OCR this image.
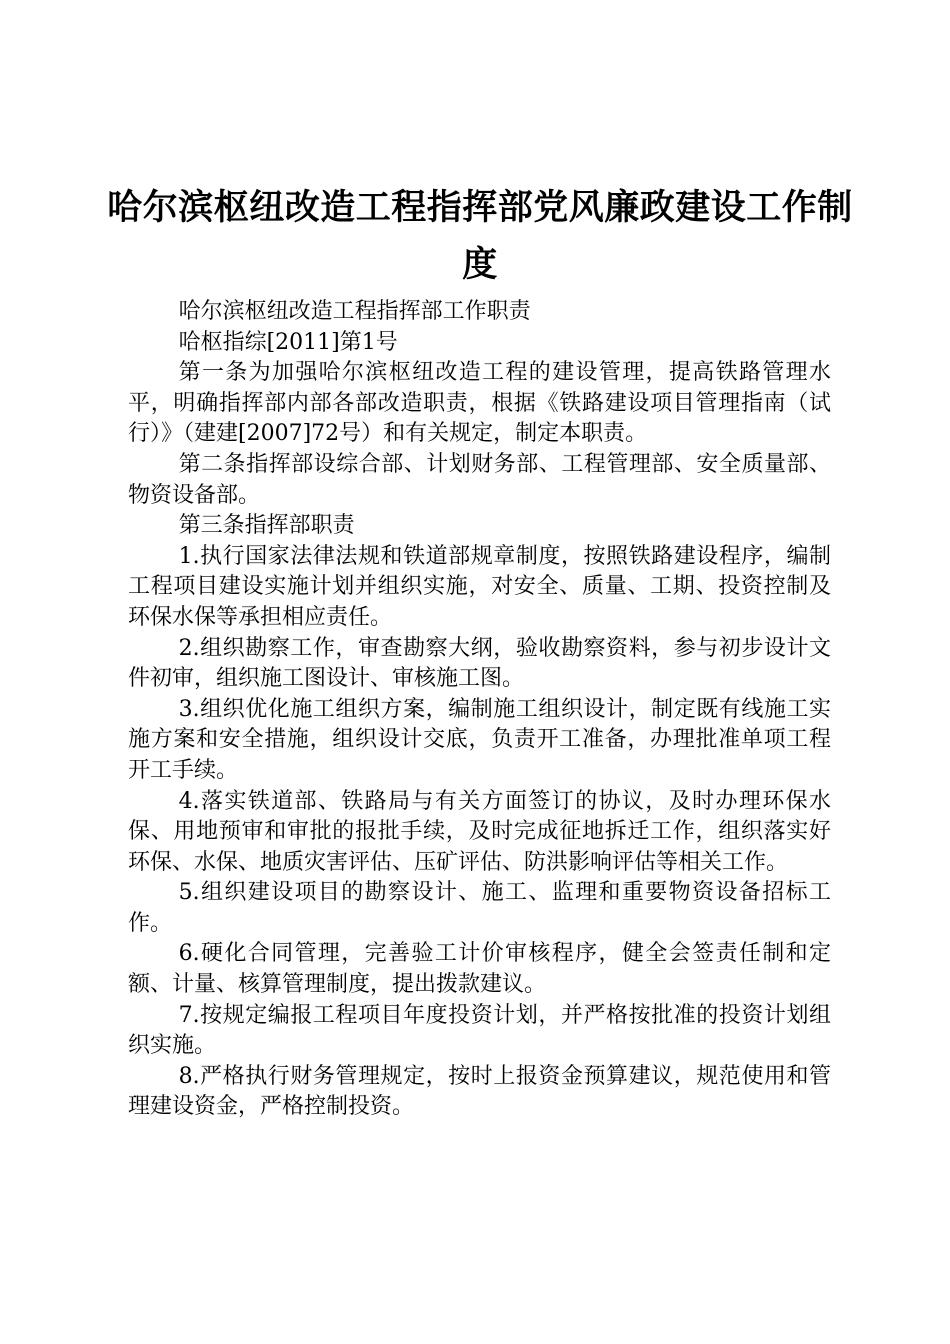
哈尔滨枢纽改造工程指挥部党风廉政建设工作制度

哈尔滨枢纽改造工程指挥部工作职责

哈枢指综[2011]第1号

第一条为加强哈尔滨枢纽改造工程的建设管理，提高铁路管理水平，明确指挥部内部各部改造职责，根据《铁路建设项目管理指南（试行）》（建建[2007]72号）和有关规定，制定本职责。

第二条指挥部设综合部、计划财务部、工程管理部、安全质量部、物资设备部。

第三条指挥部职责

1.执行国家法律法规和铁道部规章制度，按照铁路建设程序，编制工程项目建设实施计划并组织实施，对安全、质量、工期、投资控制及环保水保等承担相应责任。

2.组织勘察工作，审查勘察大纲，验收勘察资料，参与初步设计文件初审，组织施工图设计、审核施工图。

3.组织优化施工组织方案，编制施工组织设计，制定既有线施工实施方案和安全措施，组织设计交底，负责开工准备，办理批准单项工程开工手续。

4.落实铁道部、铁路局与有关方面签订的协议，及时办理环保水保、用地预审和审批的报批手续，及时完成征地拆迁工作，组织落实好环保、水保、地质灾害评估、压矿评估、防洪影响评估等相关工作。

5.组织建设项目的勘察设计、施工、监理和重要物资设备招标工作。

6.硬化合同管理，完善验工计价审核程序，健全会签责任制和定额、计量、核算管理制度，提出拨款建议。

7.按规定编报工程项目年度投资计划，并严格按批准的投资计划组织实施。

8.严格执行财务管理规定，按时上报资金预算建议，规范使用和管理建设资金，严格控制投资。
